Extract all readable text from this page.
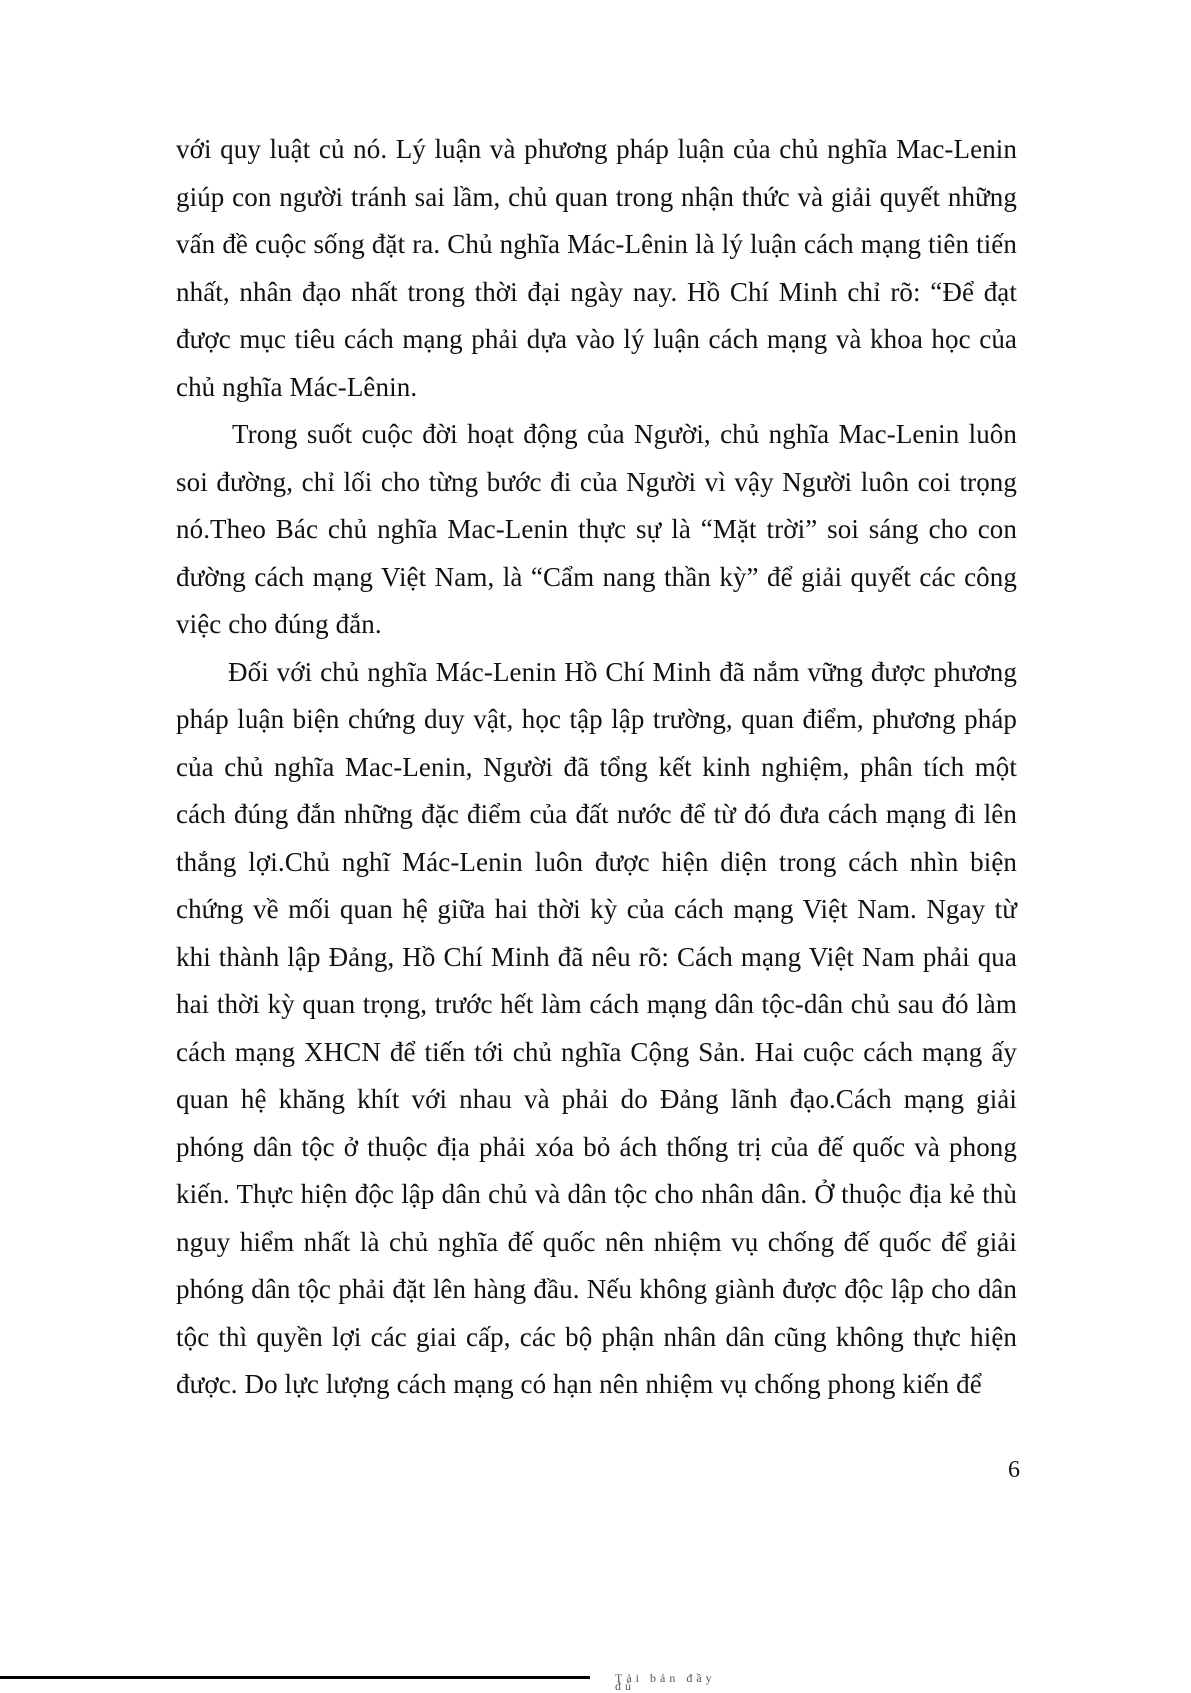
với quy luật củ nó. Lý luận và phương pháp luận của chủ nghĩa Mac-Lenin giúp con người tránh sai lầm, chủ quan trong nhận thức và giải quyết những vấn đề cuộc sống đặt ra. Chủ nghĩa Mác-Lênin là lý luận cách mạng tiên tiến nhất, nhân đạo nhất trong thời đại ngày nay. Hồ Chí Minh chỉ rõ: “Để đạt được mục tiêu cách mạng phải dựa vào lý luận cách mạng và khoa học của chủ nghĩa Mác-Lênin.

Trong suốt cuộc đời hoạt động của Người, chủ nghĩa Mac-Lenin luôn soi đường, chỉ lối cho từng bước đi của Người vì vậy Người luôn coi trọng nó.Theo Bác chủ nghĩa Mac-Lenin thực sự là “Mặt trời” soi sáng cho con đường cách mạng Việt Nam, là “Cẩm nang thần kỳ” để giải quyết các công việc cho đúng đắn.

Đối với chủ nghĩa Mác-Lenin Hồ Chí Minh đã nắm vững được phương pháp luận biện chứng duy vật, học tập lập trường, quan điểm, phương pháp của chủ nghĩa Mac-Lenin, Người đã tổng kết kinh nghiệm, phân tích một cách đúng đắn những đặc điểm của đất nước để từ đó đưa cách mạng đi lên thắng lợi.Chủ nghĩ Mác-Lenin luôn được hiện diện trong cách nhìn biện chứng về mối quan hệ giữa hai thời kỳ của cách mạng Việt Nam. Ngay từ khi thành lập Đảng, Hồ Chí Minh đã nêu rõ: Cách mạng Việt Nam phải qua hai thời kỳ quan trọng, trước hết làm cách mạng dân tộc-dân chủ sau đó làm cách mạng XHCN để tiến tới chủ nghĩa Cộng Sản. Hai cuộc cách mạng ấy quan hệ khăng khít với nhau và phải do Đảng lãnh đạo.Cách mạng giải phóng dân tộc ở thuộc địa phải xóa bỏ ách thống trị của đế quốc và phong kiến. Thực hiện độc lập dân chủ và dân tộc cho nhân dân. Ở thuộc địa kẻ thù nguy hiểm nhất là chủ nghĩa đế quốc nên nhiệm vụ chống đế quốc để giải phóng dân tộc phải đặt lên hàng đầu. Nếu không giành được độc lập cho dân tộc thì quyền lợi các giai cấp, các bộ phận nhân dân cũng không thực hiện được. Do lực lượng cách mạng có hạn nên nhiệm vụ chống phong kiến để

6
Tải bản đầy đủ
